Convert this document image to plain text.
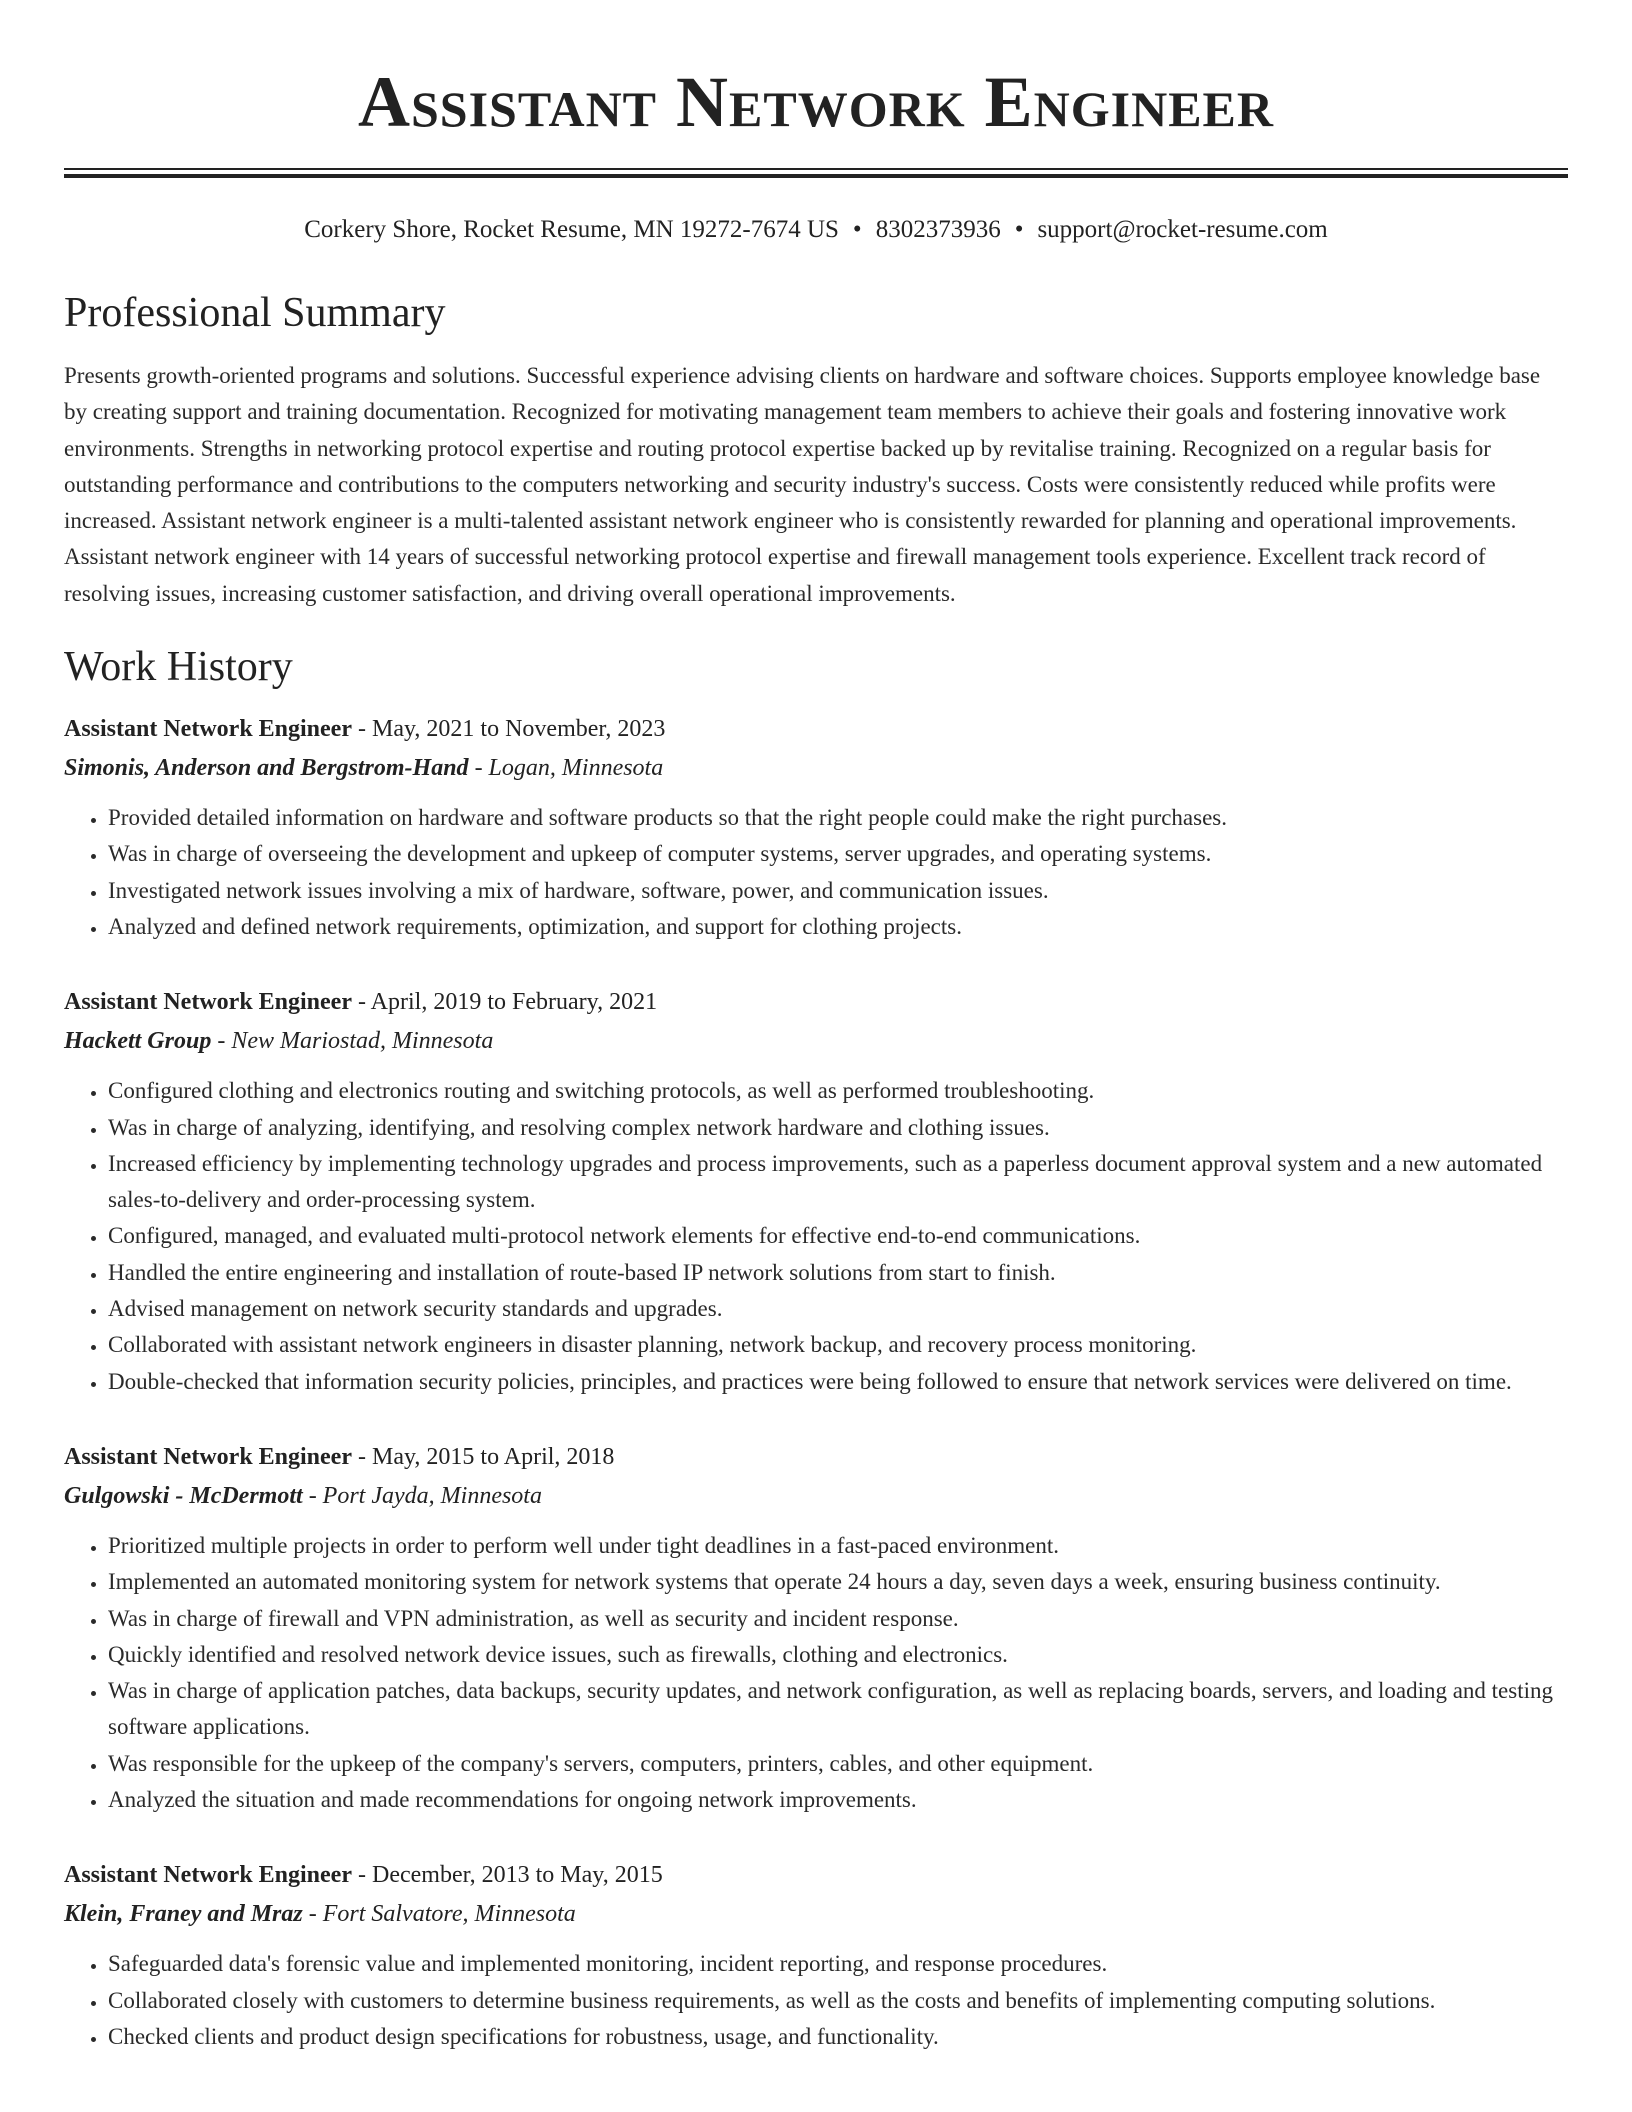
Assistant Network Engineer
Corkery Shore, Rocket Resume, MN 19272-7674 US • 8302373936 • support@rocket-resume.com
Professional Summary

Presents growth-oriented programs and solutions. Successful experience advising clients on hardware and software choices. Supports employee knowledge base by creating support and training documentation. Recognized for motivating management team members to achieve their goals and fostering innovative work environments. Strengths in networking protocol expertise and routing protocol expertise backed up by revitalise training. Recognized on a regular basis for outstanding performance and contributions to the computers networking and security industry's success. Costs were consistently reduced while profits were increased. Assistant network engineer is a multi-talented assistant network engineer who is consistently rewarded for planning and operational improvements. Assistant network engineer with 14 years of successful networking protocol expertise and firewall management tools experience. Excellent track record of resolving issues, increasing customer satisfaction, and driving overall operational improvements.

Work History
Assistant Network Engineer - May, 2021 to November, 2023
Simonis, Anderson and Bergstrom-Hand - Logan, Minnesota
• Provided detailed information on hardware and software products so that the right people could make the right purchases.
• Was in charge of overseeing the development and upkeep of computer systems, server upgrades, and operating systems.
• Investigated network issues involving a mix of hardware, software, power, and communication issues.
• Analyzed and defined network requirements, optimization, and support for clothing projects.
Assistant Network Engineer - April, 2019 to February, 2021
Hackett Group - New Mariostad, Minnesota
• Configured clothing and electronics routing and switching protocols, as well as performed troubleshooting.
• Was in charge of analyzing, identifying, and resolving complex network hardware and clothing issues.
• Increased efficiency by implementing technology upgrades and process improvements, such as a paperless document approval system and a new automated sales-to-delivery and order-processing system.
• Configured, managed, and evaluated multi-protocol network elements for effective end-to-end communications.
• Handled the entire engineering and installation of route-based IP network solutions from start to finish.
• Advised management on network security standards and upgrades.
• Collaborated with assistant network engineers in disaster planning, network backup, and recovery process monitoring.
• Double-checked that information security policies, principles, and practices were being followed to ensure that network services were delivered on time.
Assistant Network Engineer - May, 2015 to April, 2018
Gulgowski - McDermott - Port Jayda, Minnesota
• Prioritized multiple projects in order to perform well under tight deadlines in a fast-paced environment.
• Implemented an automated monitoring system for network systems that operate 24 hours a day, seven days a week, ensuring business continuity.
• Was in charge of firewall and VPN administration, as well as security and incident response.
• Quickly identified and resolved network device issues, such as firewalls, clothing and electronics.
• Was in charge of application patches, data backups, security updates, and network configuration, as well as replacing boards, servers, and loading and testing software applications.
• Was responsible for the upkeep of the company's servers, computers, printers, cables, and other equipment.
• Analyzed the situation and made recommendations for ongoing network improvements.
Assistant Network Engineer - December, 2013 to May, 2015
Klein, Franey and Mraz - Fort Salvatore, Minnesota
• Safeguarded data's forensic value and implemented monitoring, incident reporting, and response procedures.
• Collaborated closely with customers to determine business requirements, as well as the costs and benefits of implementing computing solutions.
• Checked clients and product design specifications for robustness, usage, and functionality.
